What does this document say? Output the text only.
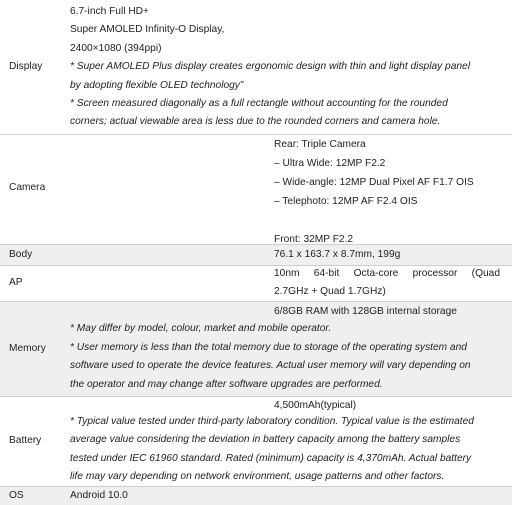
Display
6.7-inch Full HD+
Super AMOLED Infinity-O Display,
2400×1080 (394ppi)
* Super AMOLED Plus display creates ergonomic design with thin and light display panel
by adopting flexible OLED technology”
* Screen measured diagonally as a full rectangle without accounting for the rounded
corners; actual viewable area is less due to the rounded corners and camera hole.
Camera
Rear: Triple Camera
– Ultra Wide: 12MP F2.2
– Wide-angle: 12MP Dual Pixel AF F1.7 OIS
– Telephoto: 12MP AF F2.4 OIS

Front: 32MP F2.2
Body	76.1 x 163.7 x 8.7mm, 199g
AP
10nm 64-bit Octa-core processor (Quad
2.7GHz + Quad 1.7GHz)
Memory
6/8GB RAM with 128GB internal storage
* May differ by model, colour, market and mobile operator.
* User memory is less than the total memory due to storage of the operating system and
software used to operate the device features. Actual user memory will vary depending on
the operator and may change after software upgrades are performed.
Battery
4,500mAh(typical)
* Typical value tested under third-party laboratory condition. Typical value is the estimated
average value considering the deviation in battery capacity among the battery samples
tested under IEC 61960 standard. Rated (minimum) capacity is 4,370mAh. Actual battery
life may vary depending on network environment, usage patterns and other factors.
OS	Android 10.0
